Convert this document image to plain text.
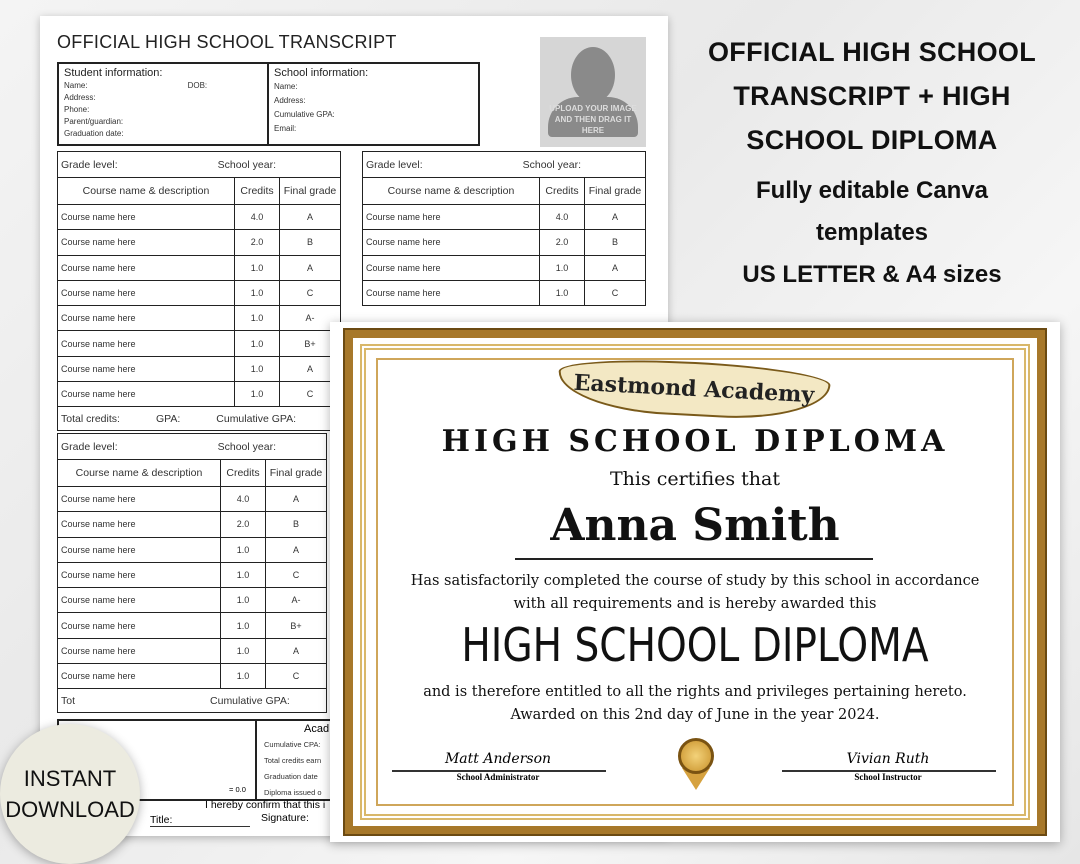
OFFICIAL HIGH SCHOOL TRANSCRIPT
Student information:
Name:	DOB:
Address:
Phone:
Parent/guardian:
Graduation date:
School information:
Name:
Address:
Cumulative GPA:
Email:
UPLOAD YOUR IMAGE AND THEN DRAG IT HERE
Grade level: School year:		
Course name & description	Credits	Final grade
Course name here	4.0	A
Course name here	2.0	B
Course name here	1.0	A
Course name here	1.0	C
Course name here	1.0	A-
Course name here	1.0	B+
Course name here	1.0	A
Course name here	1.0	C
Total credits: GPA: Cumulative GPA:		
Grade level: School year:		
Course name & description	Credits	Final grade
Course name here	4.0	A
Course name here	2.0	B
Course name here	1.0	A
Course name here	1.0	C
Grade level: School year:		
Course name & description	Credits	Final grade
Course name here	4.0	A
Course name here	2.0	B
Course name here	1.0	A
Course name here	1.0	C
Course name here	1.0	A-
Course name here	1.0	B+
Course name here	1.0	A
Course name here	1.0	C
Tot Cumulative GPA:		
Acad
Cumulative CPA:
Total credits earn
Graduation date
Diploma issued o
= 0.0
I hereby confirm that this i
Title:	Signature:
OFFICIAL HIGH SCHOOL
TRANSCRIPT + HIGH
SCHOOL DIPLOMA
Fully editable Canva
templates
US LETTER & A4 sizes
Eastmond Academy
HIGH SCHOOL DIPLOMA
This certifies that
Anna Smith
Has satisfactorily completed the course of study by this school in accordance
with all requirements and is hereby awarded this
HIGH SCHOOL DIPLOMA
and is therefore entitled to all the rights and privileges pertaining hereto.
Awarded on this 2nd day of June in the year 2024.
Matt Anderson
School Administrator
Vivian Ruth
School Instructor
INSTANT
DOWNLOAD
